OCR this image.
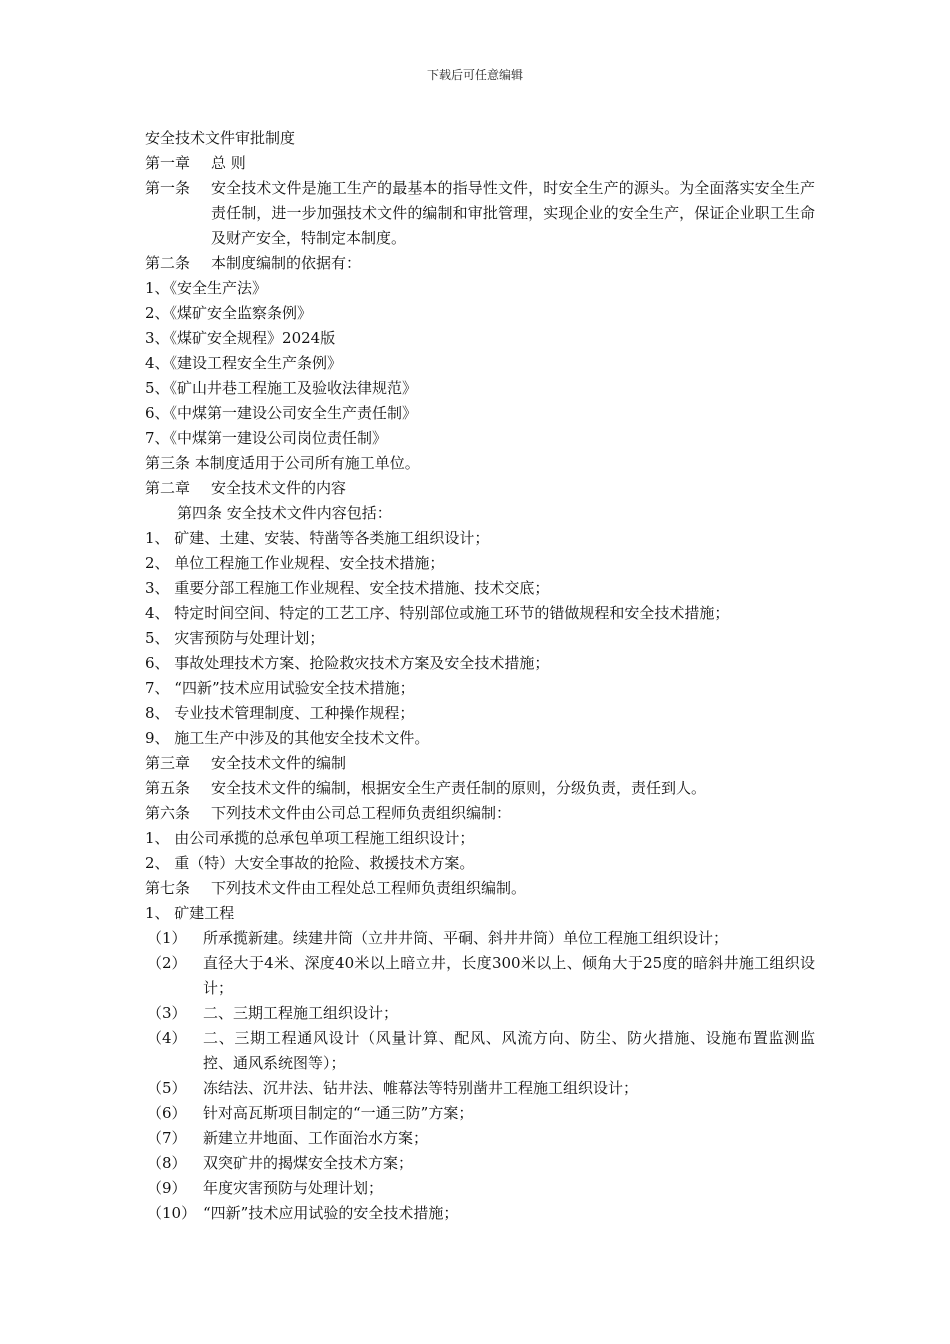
下载后可任意编辑
安全技术文件审批制度
第一章 总 则
第一条	安全技术文件是施工生产的最基本的指导性文件，时安全生产的源头。为全面落实安全生产责任制，进一步加强技术文件的编制和审批管理，实现企业的安全生产，保证企业职工生命及财产安全，特制定本制度。
第二条	本制度编制的依据有：
1、《安全生产法》
2、《煤矿安全监察条例》
3、《煤矿安全规程》2024版
4、《建设工程安全生产条例》
5、《矿山井巷工程施工及验收法律规范》
6、《中煤第一建设公司安全生产责任制》
7、《中煤第一建设公司岗位责任制》
第三条 本制度适用于公司所有施工单位。
第二章 安全技术文件的内容
第四条 安全技术文件内容包括：
1、 矿建、土建、安装、特凿等各类施工组织设计；
2、 单位工程施工作业规程、安全技术措施；
3、 重要分部工程施工作业规程、安全技术措施、技术交底；
4、 特定时间空间、特定的工艺工序、特别部位或施工环节的错做规程和安全技术措施；
5、 灾害预防与处理计划；
6、 事故处理技术方案、抢险救灾技术方案及安全技术措施；
7、 “四新”技术应用试验安全技术措施；
8、 专业技术管理制度、工种操作规程；
9、 施工生产中涉及的其他安全技术文件。
第三章 安全技术文件的编制
第五条	安全技术文件的编制，根据安全生产责任制的原则，分级负责，责任到人。
第六条	下列技术文件由公司总工程师负责组织编制：
1、 由公司承揽的总承包单项工程施工组织设计；
2、 重（特）大安全事故的抢险、救援技术方案。
第七条	下列技术文件由工程处总工程师负责组织编制。
1、 矿建工程
（1）	所承揽新建。续建井筒（立井井筒、平硐、斜井井筒）单位工程施工组织设计；
（2）	直径大于4米、深度40米以上暗立井，长度300米以上、倾角大于25度的暗斜井施工组织设计；
（3）	二、三期工程施工组织设计；
（4）	二、三期工程通风设计（风量计算、配风、风流方向、防尘、防火措施、设施布置监测监控、通风系统图等）；
（5）	冻结法、沉井法、钻井法、帷幕法等特别凿井工程施工组织设计；
（6）	针对高瓦斯项目制定的“一通三防”方案；
（7）	新建立井地面、工作面治水方案；
（8）	双突矿井的揭煤安全技术方案；
（9）	年度灾害预防与处理计划；
（10） “四新”技术应用试验的安全技术措施；
